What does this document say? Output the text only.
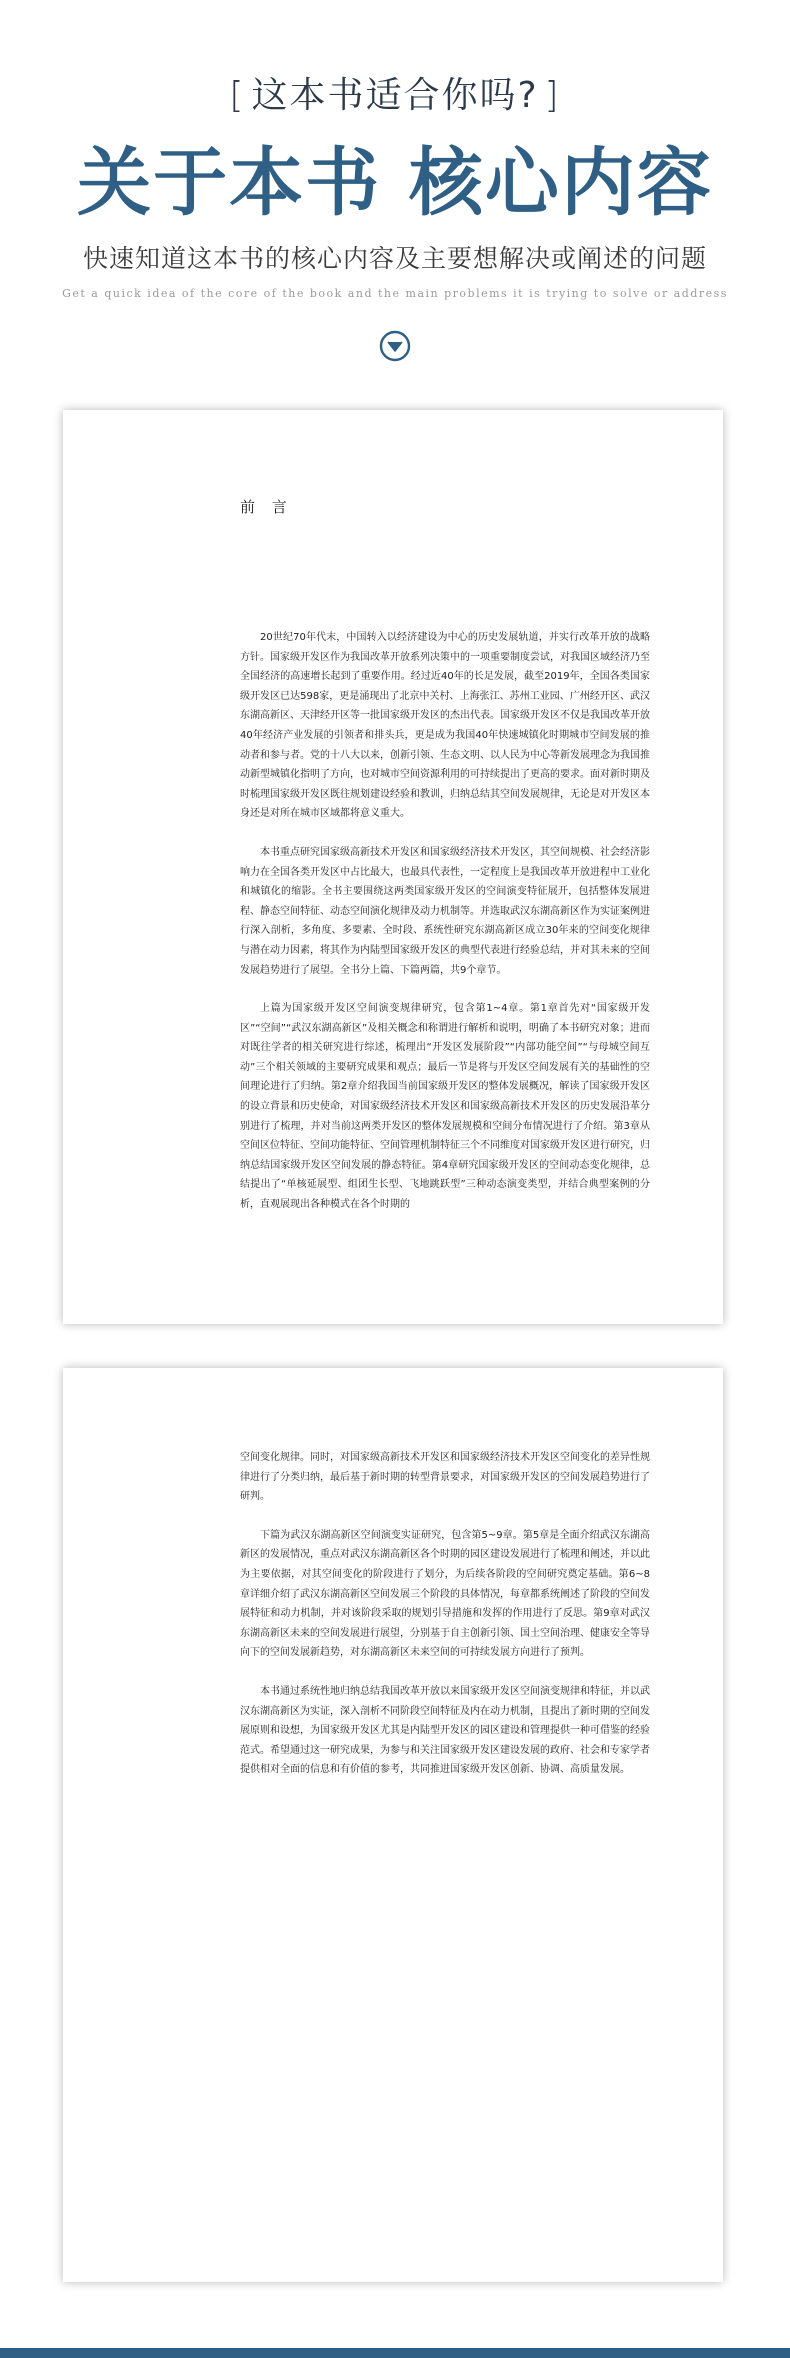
[ 这本书适合你吗? ]
关于本书 核心内容
快速知道这本书的核心内容及主要想解决或阐述的问题
Get a quick idea of the core of the book and the main problems it is trying to solve or address
前 言

20世纪70年代末，中国转入以经济建设为中心的历史发展轨道，并实行改革开放的战略方针。国家级开发区作为我国改革开放系列决策中的一项重要制度尝试，对我国区域经济乃至全国经济的高速增长起到了重要作用。经过近40年的长足发展，截至2019年，全国各类国家级开发区已达598家，更是涌现出了北京中关村、上海张江、苏州工业园、广州经开区、武汉东湖高新区、天津经开区等一批国家级开发区的杰出代表。国家级开发区不仅是我国改革开放40年经济产业发展的引领者和排头兵，更是成为我国40年快速城镇化时期城市空间发展的推动者和参与者。党的十八大以来，创新引领、生态文明、以人民为中心等新发展理念为我国推动新型城镇化指明了方向，也对城市空间资源利用的可持续提出了更高的要求。面对新时期及时梳理国家级开发区既往规划建设经验和教训，归纳总结其空间发展规律，无论是对开发区本身还是对所在城市区域都将意义重大。

本书重点研究国家级高新技术开发区和国家级经济技术开发区，其空间规模、社会经济影响力在全国各类开发区中占比最大，也最具代表性，一定程度上是我国改革开放进程中工业化和城镇化的缩影。全书主要围绕这两类国家级开发区的空间演变特征展开，包括整体发展进程、静态空间特征、动态空间演化规律及动力机制等。并选取武汉东湖高新区作为实证案例进行深入剖析，多角度、多要素、全时段、系统性研究东湖高新区成立30年来的空间变化规律与潜在动力因素，将其作为内陆型国家级开发区的典型代表进行经验总结，并对其未来的空间发展趋势进行了展望。全书分上篇、下篇两篇，共9个章节。

上篇为国家级开发区空间演变规律研究，包含第1~4章。第1章首先对“国家级开发区”“空间”“武汉东湖高新区”及相关概念和称谓进行解析和说明，明确了本书研究对象；进而对既往学者的相关研究进行综述，梳理出“开发区发展阶段”“内部功能空间”“与母城空间互动”三个相关领域的主要研究成果和观点；最后一节是将与开发区空间发展有关的基础性的空间理论进行了归纳。第2章介绍我国当前国家级开发区的整体发展概况，解读了国家级开发区的设立背景和历史使命，对国家级经济技术开发区和国家级高新技术开发区的历史发展沿革分别进行了梳理，并对当前这两类开发区的整体发展规模和空间分布情况进行了介绍。第3章从空间区位特征、空间功能特征、空间管理机制特征三个不同维度对国家级开发区进行研究，归纳总结国家级开发区空间发展的静态特征。第4章研究国家级开发区的空间动态变化规律，总结提出了“单核延展型、组团生长型、飞地跳跃型”三种动态演变类型，并结合典型案例的分析，直观展现出各种模式在各个时期的

空间变化规律。同时，对国家级高新技术开发区和国家级经济技术开发区空间变化的差异性规律进行了分类归纳，最后基于新时期的转型背景要求，对国家级开发区的空间发展趋势进行了研判。

下篇为武汉东湖高新区空间演变实证研究，包含第5~9章。第5章是全面介绍武汉东湖高新区的发展情况，重点对武汉东湖高新区各个时期的园区建设发展进行了梳理和阐述，并以此为主要依据，对其空间变化的阶段进行了划分，为后续各阶段的空间研究奠定基础。第6~8章详细介绍了武汉东湖高新区空间发展三个阶段的具体情况，每章都系统阐述了阶段的空间发展特征和动力机制，并对该阶段采取的规划引导措施和发挥的作用进行了反思。第9章对武汉东湖高新区未来的空间发展进行展望，分别基于自主创新引领、国土空间治理、健康安全等导向下的空间发展新趋势，对东湖高新区未来空间的可持续发展方向进行了预判。

本书通过系统性地归纳总结我国改革开放以来国家级开发区空间演变规律和特征，并以武汉东湖高新区为实证，深入剖析不同阶段空间特征及内在动力机制，且提出了新时期的空间发展原则和设想，为国家级开发区尤其是内陆型开发区的园区建设和管理提供一种可借鉴的经验范式。希望通过这一研究成果，为参与和关注国家级开发区建设发展的政府、社会和专家学者提供相对全面的信息和有价值的参考，共同推进国家级开发区创新、协调、高质量发展。
